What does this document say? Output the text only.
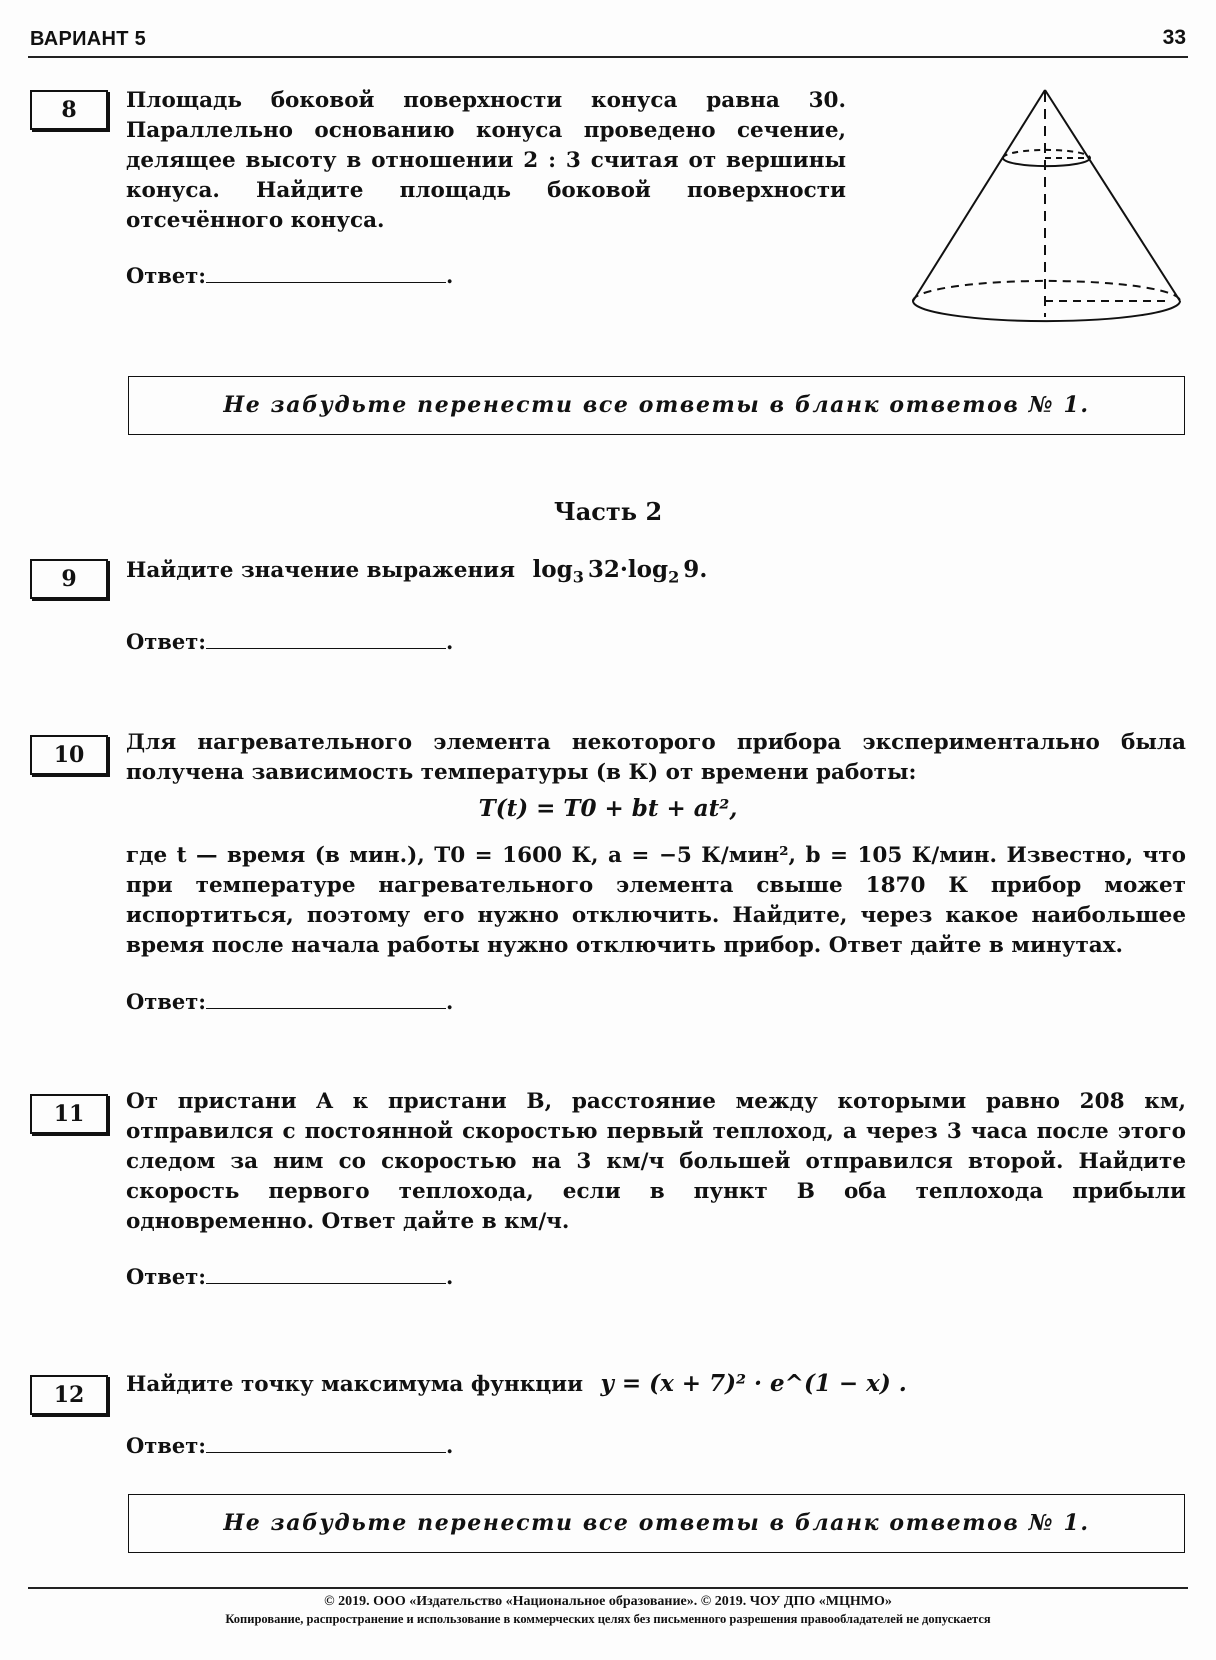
ВАРИАНТ 5	33
8	Площадь боковой поверхности конуса равна 30. Параллельно основанию конуса проведено сечение, делящее высоту в отношении 2 : 3 считая от вершины конуса. Найдите площадь боковой поверхности отсечённого конуса.
Ответ:	.
Не забудьте перенести все ответы в бланк ответов № 1.
Часть 2
9	Найдите значение выражения $\log_3 32\cdot\log_2$ 9.
Ответ:	.
10	Для нагревательного элемента некоторого прибора экспериментально была получена зависимость температуры (в К) от времени работы:
T(t) = T0 + bt + at²,
где t — время (в мин.), T0 = 1600 К, a = −5 К/мин², b = 105 К/мин. Известно, что при температуре нагревательного элемента свыше 1870 К прибор может испортиться, поэтому его нужно отключить. Найдите, через какое наибольшее время после начала работы нужно отключить прибор. Ответ дайте в минутах.
Ответ:	.
11	От пристани A к пристани B, расстояние между которыми равно 208 км, отправился с постоянной скоростью первый теплоход, а через 3 часа после этого следом за ним со скоростью на 3 км/ч большей отправился второй. Найдите скорость первого теплохода, если в пункт B оба теплохода прибыли одновременно. Ответ дайте в км/ч.
Ответ:	.
12	Найдите точку максимума функции y = (x + 7)² · e^(1 − x) .
Ответ:	.
Не забудьте перенести все ответы в бланк ответов № 1.
© 2019. ООО «Издательство «Национальное образование». © 2019. ЧОУ ДПО «МЦНМО»
Копирование, распространение и использование в коммерческих целях без письменного разрешения правообладателей не допускается
